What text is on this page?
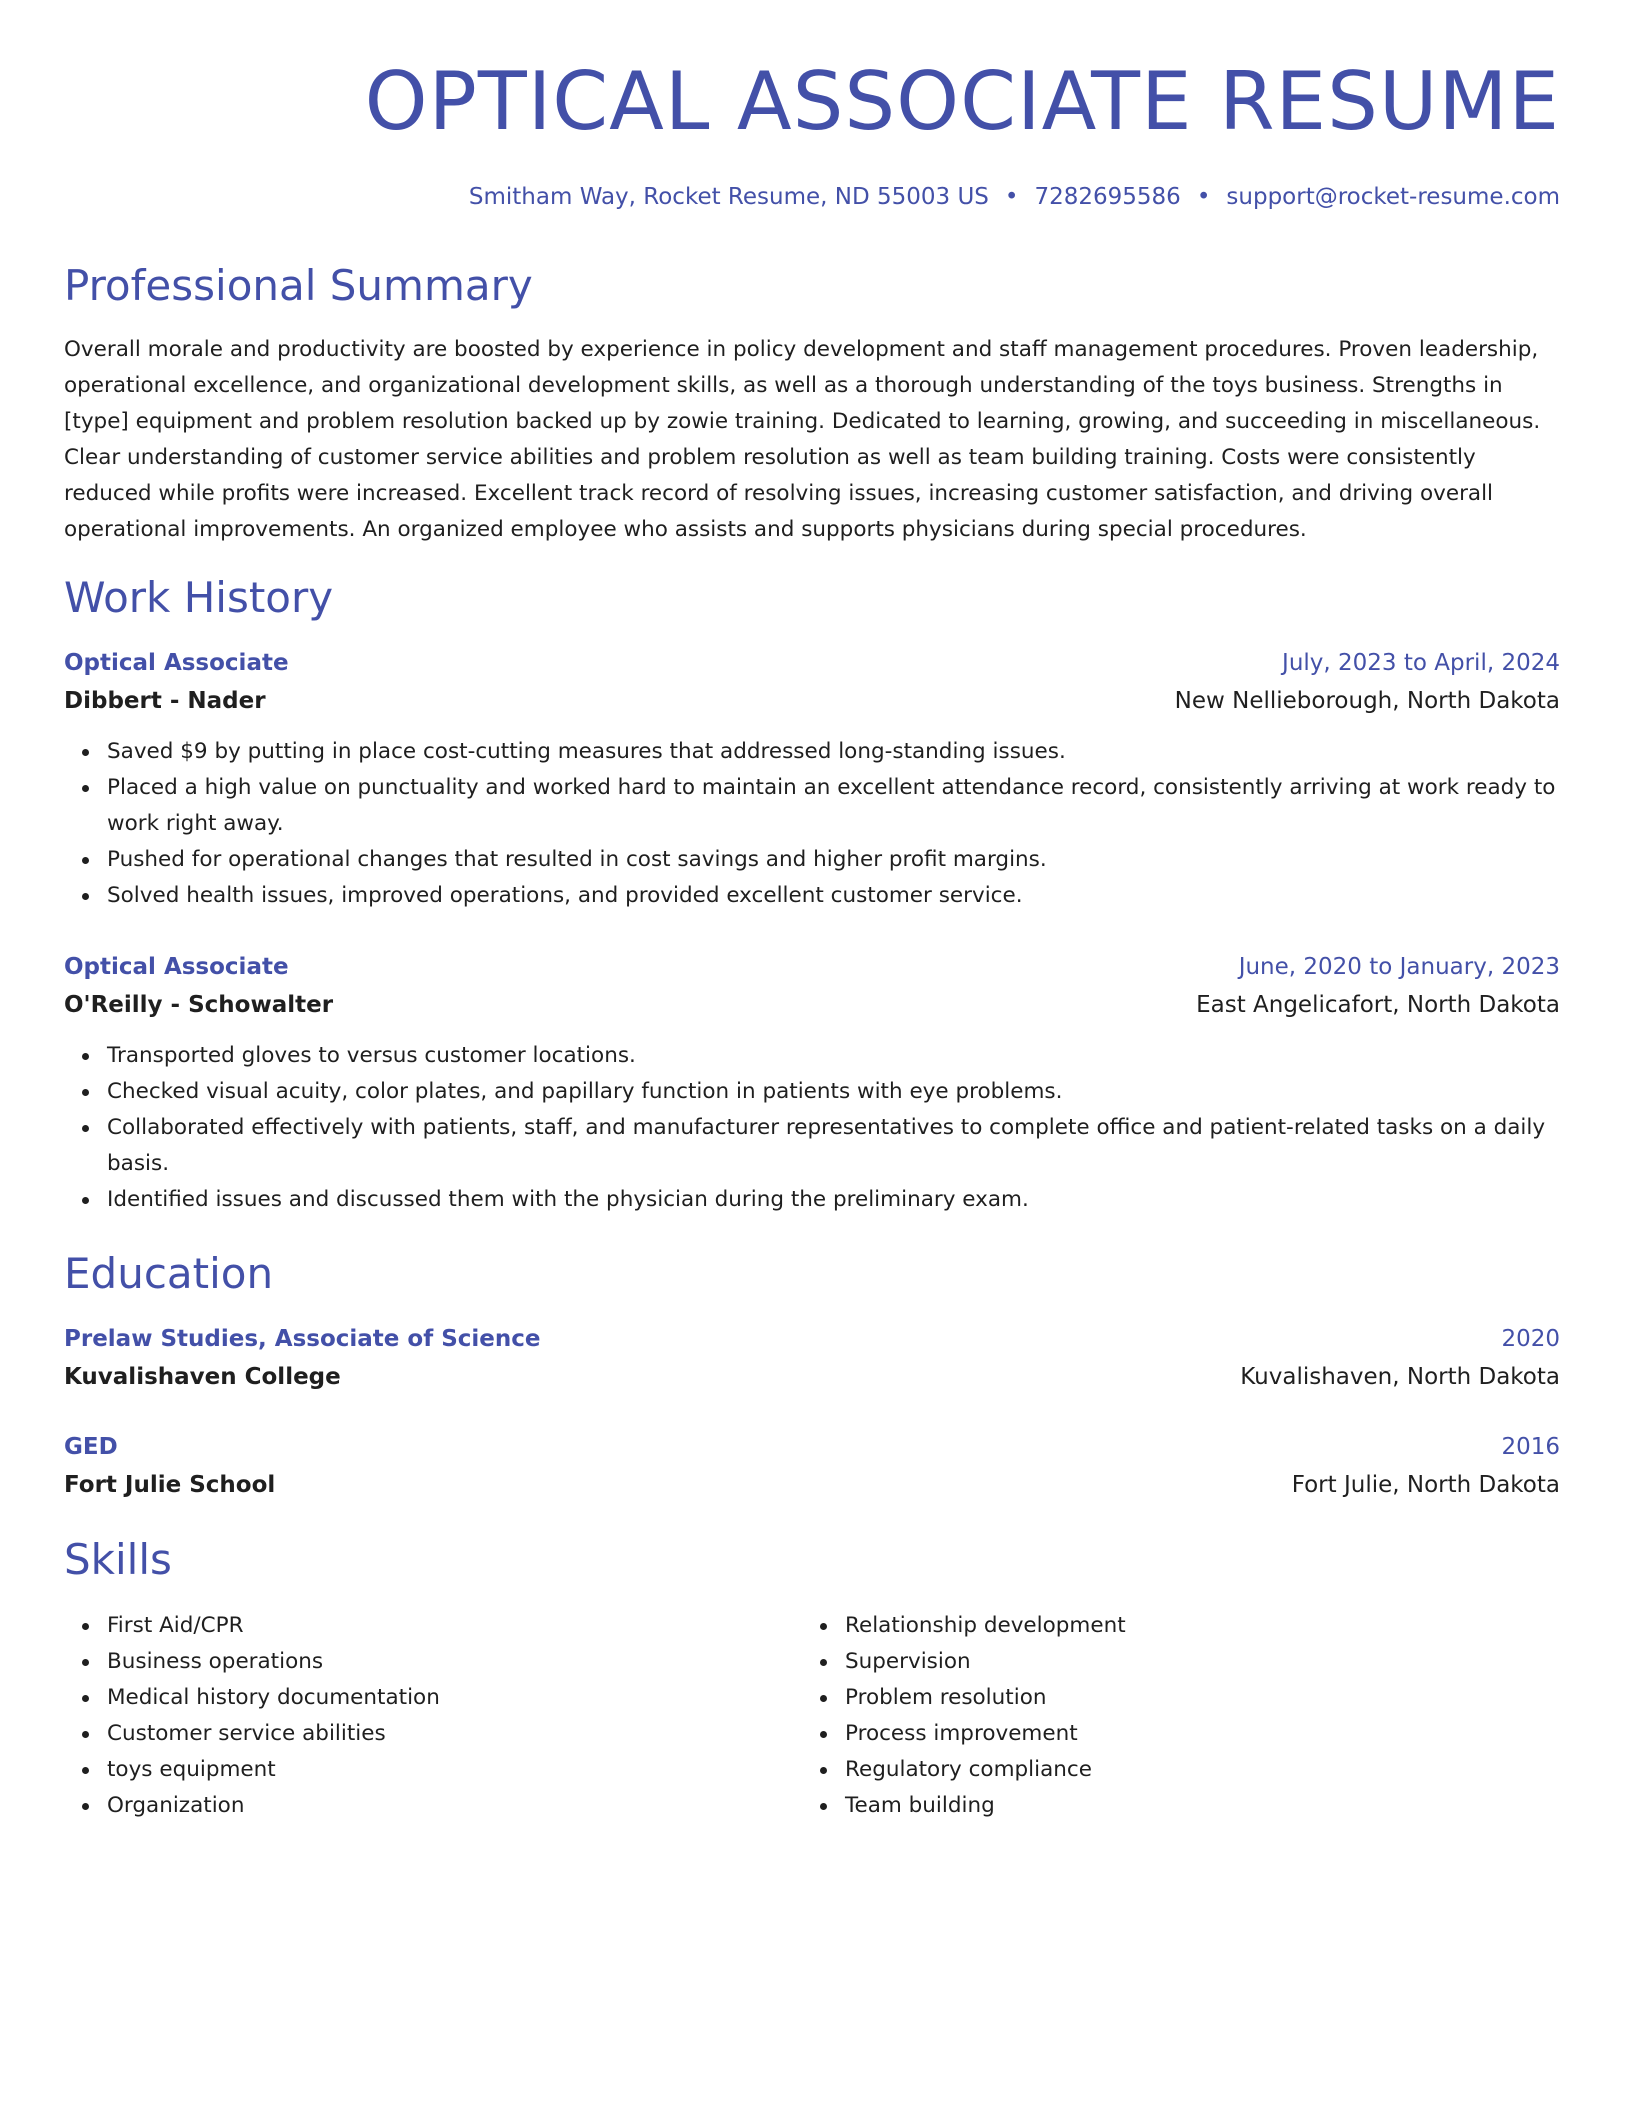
OPTICAL ASSOCIATE RESUME
Smitham Way, Rocket Resume, ND 55003 US • 7282695586 • support@rocket-resume.com
Professional Summary

Overall morale and productivity are boosted by experience in policy development and staff management procedures. Proven leadership, operational excellence, and organizational development skills, as well as a thorough understanding of the toys business. Strengths in [type] equipment and problem resolution backed up by zowie training. Dedicated to learning, growing, and succeeding in miscellaneous. Clear understanding of customer service abilities and problem resolution as well as team building training. Costs were consistently reduced while profits were increased. Excellent track record of resolving issues, increasing customer satisfaction, and driving overall operational improvements. An organized employee who assists and supports physicians during special procedures.

Work History
Optical Associate	July, 2023 to April, 2024
Dibbert - Nader	New Nellieborough, North Dakota
Saved $9 by putting in place cost-cutting measures that addressed long-standing issues.
Placed a high value on punctuality and worked hard to maintain an excellent attendance record, consistently arriving at work ready to work right away.
Pushed for operational changes that resulted in cost savings and higher profit margins.
Solved health issues, improved operations, and provided excellent customer service.
Optical Associate	June, 2020 to January, 2023
O'Reilly - Schowalter	East Angelicafort, North Dakota
Transported gloves to versus customer locations.
Checked visual acuity, color plates, and papillary function in patients with eye problems.
Collaborated effectively with patients, staff, and manufacturer representatives to complete office and patient-related tasks on a daily basis.
Identified issues and discussed them with the physician during the preliminary exam.
Education
Prelaw Studies, Associate of Science	2020
Kuvalishaven College	Kuvalishaven, North Dakota
GED	2016
Fort Julie School	Fort Julie, North Dakota
Skills
First Aid/CPR
Business operations
Medical history documentation
Customer service abilities
toys equipment
Organization
Relationship development
Supervision
Problem resolution
Process improvement
Regulatory compliance
Team building
